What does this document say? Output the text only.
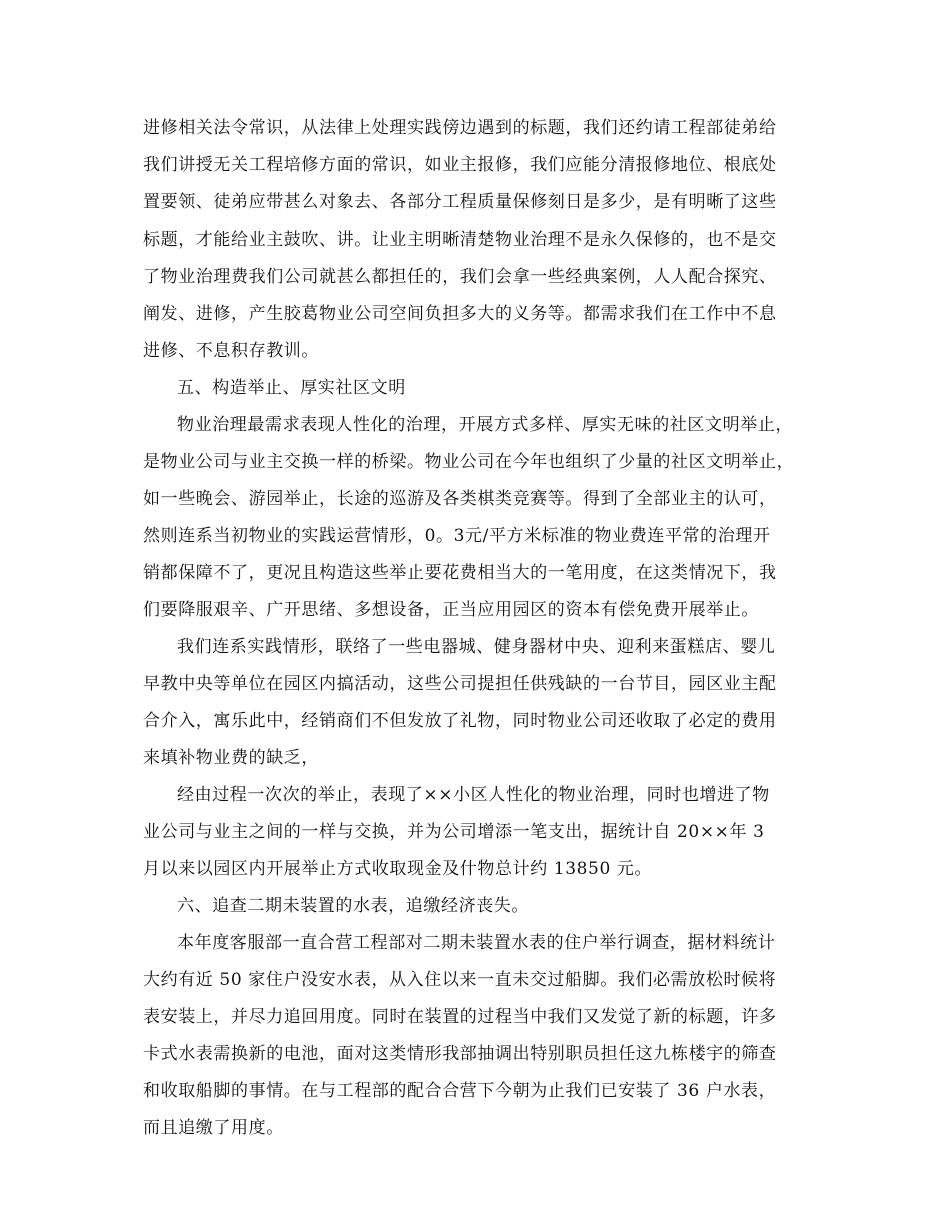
进修相关法令常识，从法律上处理实践傍边遇到的标题，我们还约请工程部徒弟给
我们讲授无关工程培修方面的常识，如业主报修，我们应能分清报修地位、根底处
置要领、徒弟应带甚么对象去、各部分工程质量保修刻日是多少，是有明晰了这些
标题，才能给业主鼓吹、讲。让业主明晰清楚物业治理不是永久保修的，也不是交
了物业治理费我们公司就甚么都担任的，我们会拿一些经典案例，人人配合探究、
阐发、进修，产生胶葛物业公司空间负担多大的义务等。都需求我们在工作中不息
进修、不息积存教训。
五、构造举止、厚实社区文明
物业治理最需求表现人性化的治理，开展方式多样、厚实无味的社区文明举止，
是物业公司与业主交换一样的桥梁。物业公司在今年也组织了少量的社区文明举止，
如一些晚会、游园举止，长途的巡游及各类棋类竞赛等。得到了全部业主的认可，
然则连系当初物业的实践运营情形，0。3元/平方米标准的物业费连平常的治理开
销都保障不了，更况且构造这些举止要花费相当大的一笔用度，在这类情况下，我
们要降服艰辛、广开思绪、多想设备，正当应用园区的资本有偿免费开展举止。
我们连系实践情形，联络了一些电器城、健身器材中央、迎利来蛋糕店、婴儿
早教中央等单位在园区内搞活动，这些公司提担任供残缺的一台节目，园区业主配
合介入，寓乐此中，经销商们不但发放了礼物，同时物业公司还收取了必定的费用
来填补物业费的缺乏，
经由过程一次次的举止，表现了××小区人性化的物业治理，同时也增进了物
业公司与业主之间的一样与交换，并为公司增添一笔支出，据统计自 20××年 3
月以来以园区内开展举止方式收取现金及什物总计约 13850 元。
六、追查二期未装置的水表，追缴经济丧失。
本年度客服部一直合营工程部对二期未装置水表的住户举行调查，据材料统计
大约有近 50 家住户没安水表，从入住以来一直未交过船脚。我们必需放松时候将
表安装上，并尽力追回用度。同时在装置的过程当中我们又发觉了新的标题，许多
卡式水表需换新的电池，面对这类情形我部抽调出特别职员担任这九栋楼宇的筛查
和收取船脚的事情。在与工程部的配合合营下今朝为止我们已安装了 36 户水表，
而且追缴了用度。
